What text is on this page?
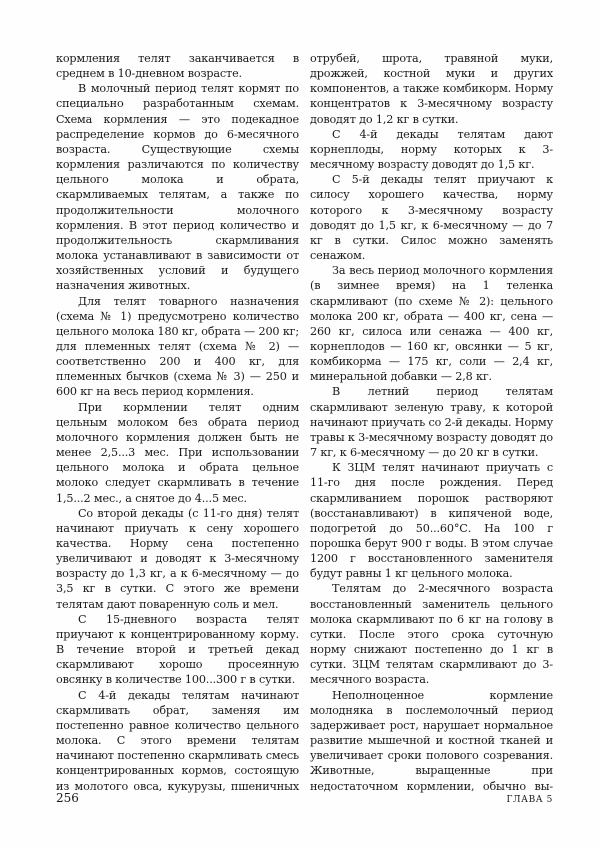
кормления телят заканчивается в среднем в 10-дневном возрасте.

В молочный период телят кормят по специально разработанным схемам. Схема кормления — это подекадное распределение кормов до 6-месячного возраста. Существующие схемы кормления различаются по количеству цельного молока и обрата, скармливаемых телятам, а также по продолжительности молочного кормления. В этот период количество и продолжительность скармливания молока устанавливают в зависимости от хозяйственных условий и будущего назначения животных.

Для телят товарного назначения (схема № 1) предусмотрено количество цельного молока 180 кг, обрата — 200 кг; для племенных телят (схема № 2) — соответственно 200 и 400 кг, для племенных бычков (схема № 3) — 250 и 600 кг на весь период кормления.

При кормлении телят одним цельным молоком без обрата период молочного кормления должен быть не менее 2,5...3 мес. При использовании цельного молока и обрата цельное молоко следует скармливать в течение 1,5...2 мес., а снятое до 4...5 мес.

Со второй декады (с 11-го дня) телят начинают приучать к сену хорошего качества. Норму сена постепенно увеличивают и доводят к 3-месячному возрасту до 1,3 кг, а к 6-месячному — до 3,5 кг в сутки. С этого же времени телятам дают поваренную соль и мел.

С 15-дневного возраста телят приучают к концентрированному корму. В течение второй и третьей декад скармливают хорошо просеянную овсянку в количестве 100...300 г в сутки.

С 4-й декады телятам начинают скармливать обрат, заменяя им постепенно равное количество цельного молока. С этого времени телятам начинают постепенно скармливать смесь концентрированных кормов, состоящую из молотого овса, кукурузы, пшеничных

отрубей, шрота, травяной муки, дрожжей, костной муки и других компонентов, а также комбикорм. Норму концентратов к 3-месячному возрасту доводят до 1,2 кг в сутки.

С 4-й декады телятам дают корнеплоды, норму которых к 3-месячному возрасту доводят до 1,5 кг.

С 5-й декады телят приучают к силосу хорошего качества, норму которого к 3-месячному возрасту доводят до 1,5 кг, к 6-месячному — до 7 кг в сутки. Силос можно заменять сенажом.

За весь период молочного кормления (в зимнее время) на 1 теленка скармливают (по схеме № 2): цельного молока 200 кг, обрата — 400 кг, сена — 260 кг, силоса или сенажа — 400 кг, корнеплодов — 160 кг, овсянки — 5 кг, комбикорма — 175 кг, соли — 2,4 кг, минеральной добавки — 2,8 кг.

В летний период телятам скармливают зеленую траву, к которой начинают приучать со 2-й декады. Норму травы к 3-месячному возрасту доводят до 7 кг, к 6-месячному — до 20 кг в сутки.

К ЗЦМ телят начинают приучать с 11-го дня после рождения. Перед скармливанием порошок растворяют (восстанавливают) в кипяченой воде, подогретой до 50...60°С. На 100 г порошка берут 900 г воды. В этом случае 1200 г восстановленного заменителя будут равны 1 кг цельного молока.

Телятам до 2-месячного возраста восстановленный заменитель цельного молока скармливают по 6 кг на голову в сутки. После этого срока суточную норму снижают постепенно до 1 кг в сутки. ЗЦМ телятам скармливают до 3-месячного возраста.

Неполноценное кормление молодняка в послемолочный период задерживает рост, нарушает нормальное развитие мышечной и костной тканей и увеличивает сроки полового созревания. Животные, выращенные при недостаточном кормлении, обычно вы-

256	ГЛАВА 5
